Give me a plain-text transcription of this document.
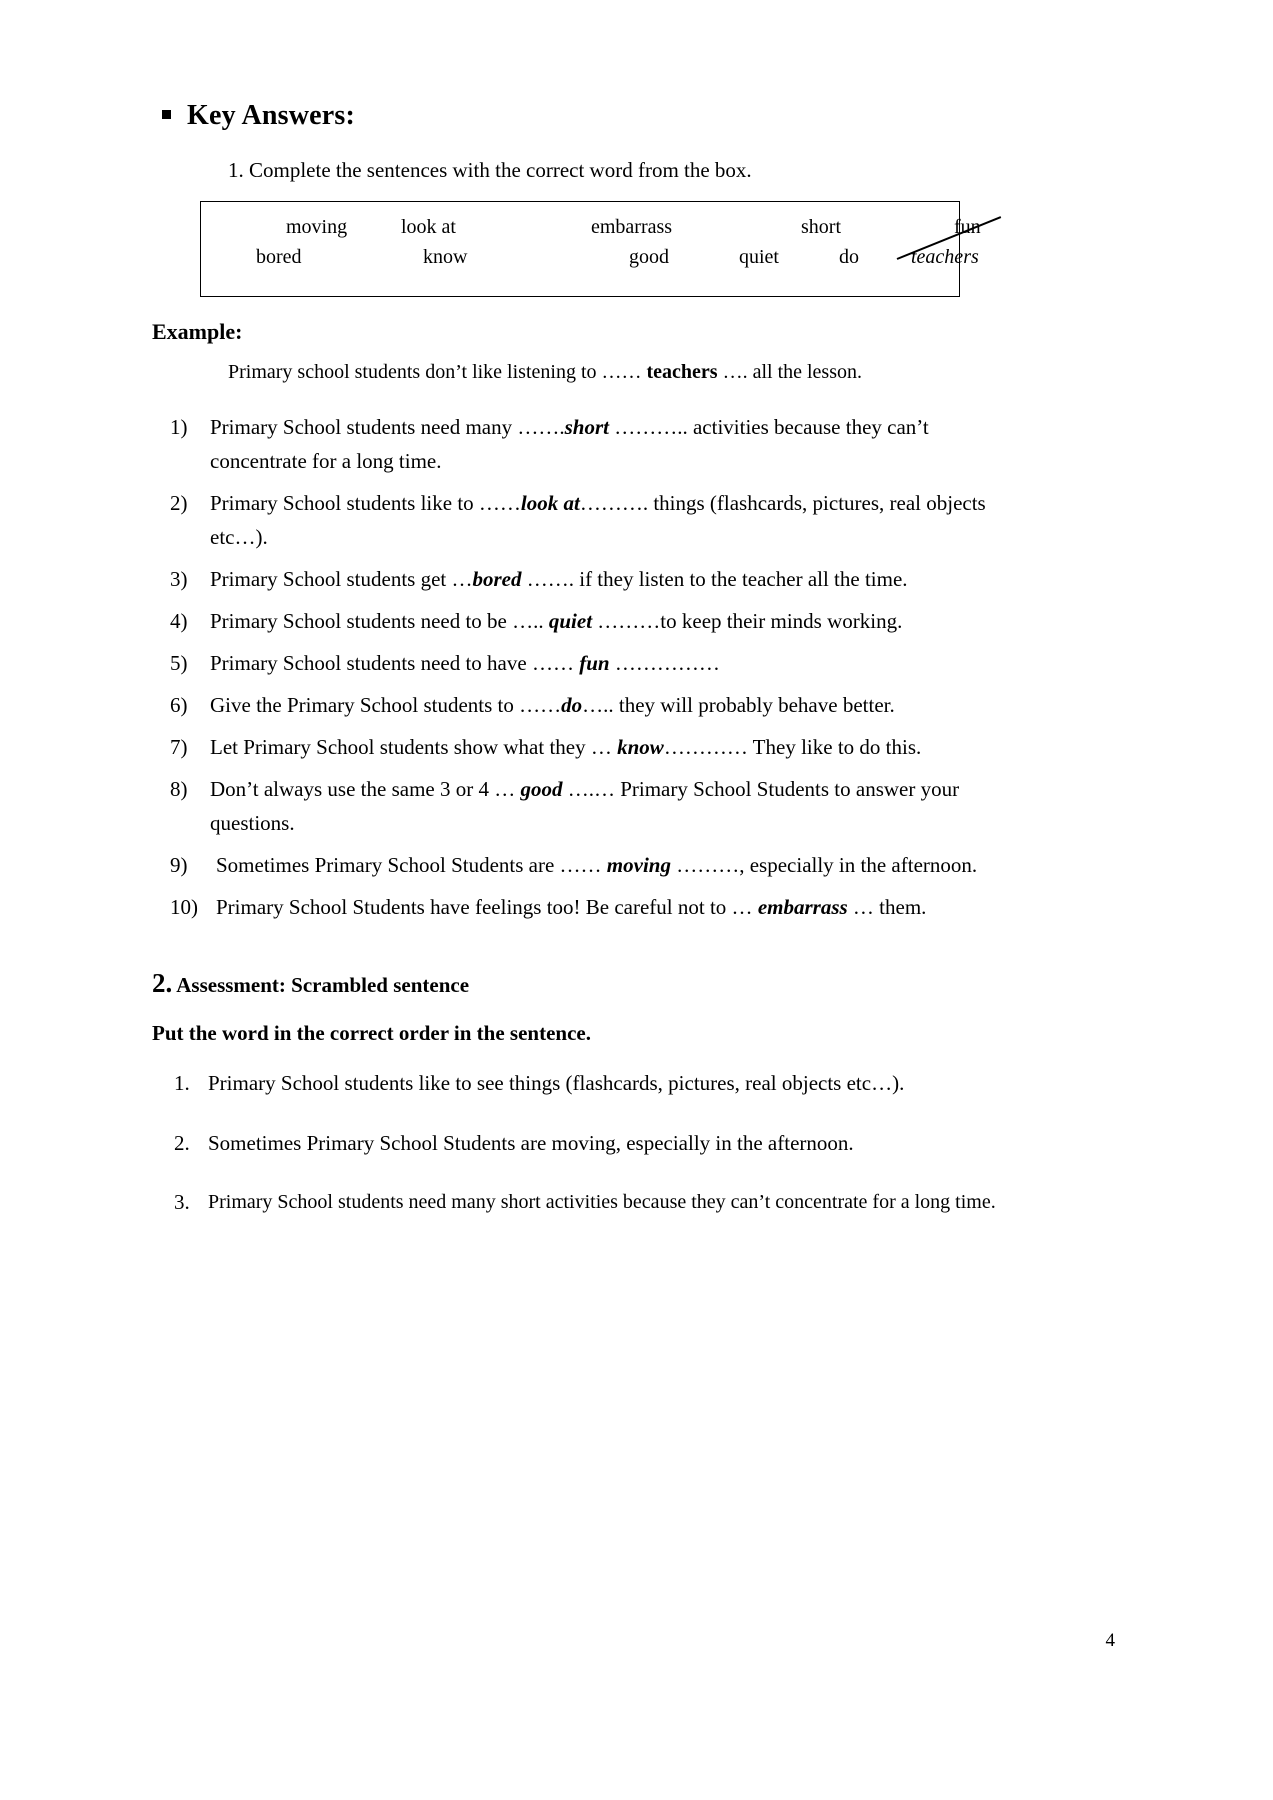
Key Answers:
1. Complete the sentences with the correct word from the box.
moving	look at	embarrass	short	fun
bored	know	good	quiet	do	teachers
Example:
Primary school students don’t like listening to …… teachers …. all the lesson.
1)	Primary School students need many …….short ……….. activities because they can’t concentrate for a long time.
2)	Primary School students like to ……look at………. things (flashcards, pictures, real objects etc…).
3)	Primary School students get …bored ……. if they listen to the teacher all the time.
4)	Primary School students need to be ….. quiet ………to keep their minds working.
5)	Primary School students need to have …… fun ……………
6)	Give the Primary School students to ……do….. they will probably behave better.
7)	Let Primary School students show what they … know………… They like to do this.
8)	Don’t always use the same 3 or 4 … good ….… Primary School Students to answer your questions.
9)	Sometimes Primary School Students are …… moving ………, especially in the afternoon.
10) Primary School Students have feelings too! Be careful not to … embarrass … them.
2. Assessment: Scrambled sentence
Put the word in the correct order in the sentence.
1. Primary School students like to see things (flashcards, pictures, real objects etc…).
2. Sometimes Primary School Students are moving, especially in the afternoon.
3. Primary School students need many short activities because they can’t concentrate for a long time.
4
